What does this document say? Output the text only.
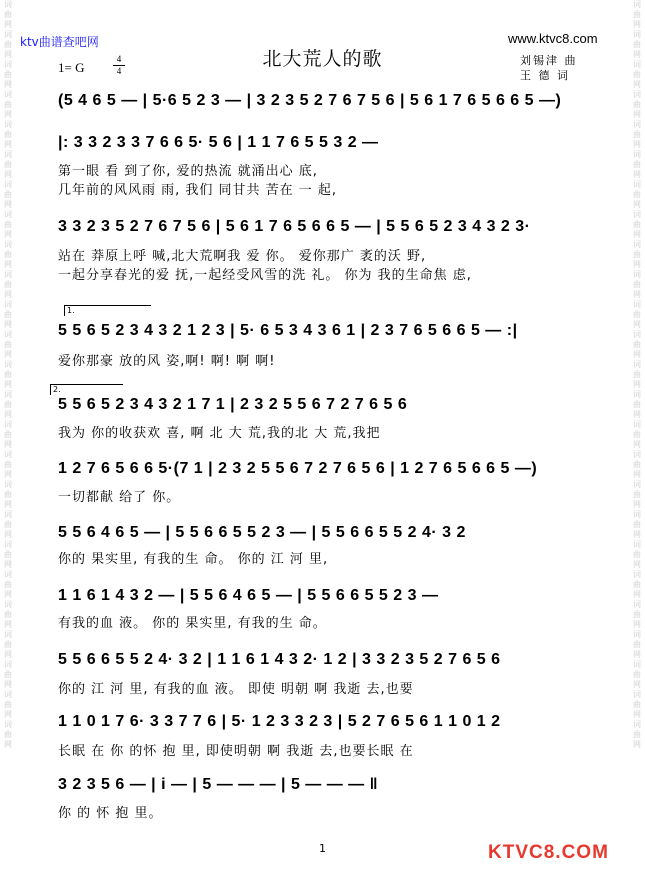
词曲网词曲网词曲网词曲网词曲网词曲网词曲网词曲网词曲网词曲网词曲网词曲网词曲网词曲网词曲网词曲网词曲网词曲网词曲网词曲网词曲网词曲网词曲网词曲网词曲网
词曲网词曲网词曲网词曲网词曲网词曲网词曲网词曲网词曲网词曲网词曲网词曲网词曲网词曲网词曲网词曲网词曲网词曲网词曲网词曲网词曲网词曲网词曲网词曲网词曲网
ktv曲谱查吧网	www.ktvc8.com
北大荒人的歌
1= G
4
4
刘锡津 曲
王 德 词
(5 4 6 5 — | 5·6 5 2 3 — | 3 2 3 5 2 7 6 7 5 6 | 5 6 1 7 6 5 6 6 5 —)
|: 3 3 2 3 3 7 6 6 5· 5 6 | 1 1 7 6 5 5 3 2 —
第一眼 看 到了你, 爱的热流 就涌出心 底,
几年前的风风雨 雨, 我们 同甘共 苦在 一 起,
3 3 2 3 5 2 7 6 7 5 6 | 5 6 1 7 6 5 6 6 5 — | 5 5 6 5 2 3 4 3 2 3·
站在 莽原上呼 喊,北大荒啊我 爱 你。 爱你那广 袤的沃 野,
一起分享春光的爱 抚,一起经受风雪的洗 礼。 你为 我的生命焦 虑,
1.
5 5 6 5 2 3 4 3 2 1 2 3 | 5· 6 5 3 4 3 6 1 | 2 3 7 6 5 6 6 5 — :|
爱你那豪 放的风 姿,啊! 啊! 啊 啊!
2.
5 5 6 5 2 3 4 3 2 1 7 1 | 2 3 2 5 5 6 7 2 7 6 5 6
我为 你的收获欢 喜, 啊 北 大 荒,我的北 大 荒,我把
1 2 7 6 5 6 6 5·(7 1 | 2 3 2 5 5 6 7 2 7 6 5 6 | 1 2 7 6 5 6 6 5 —)
一切都献 给了 你。
5 5 6 4 6 5 — | 5 5 6 6 5 5 2 3 — | 5 5 6 6 5 5 2 4· 3 2
你的 果实里, 有我的生 命。 你的 江 河 里,
1 1 6 1 4 3 2 — | 5 5 6 4 6 5 — | 5 5 6 6 5 5 2 3 —
有我的血 液。 你的 果实里, 有我的生 命。
5 5 6 6 5 5 2 4· 3 2 | 1 1 6 1 4 3 2· 1 2 | 3 3 2 3 5 2 7 6 5 6
你的 江 河 里, 有我的血 液。 即使 明朝 啊 我逝 去,也要
1 1 0 1 7 6· 3 3 7 7 6 | 5· 1 2 3 3 2 3 | 5 2 7 6 5 6 1 1 0 1 2
长眠 在 你 的怀 抱 里, 即使明朝 啊 我逝 去,也要长眠 在
3 2 3 5 6 — | i — | 5 — — — | 5 — — — ‖
你 的 怀 抱 里。
1	KTVC8.COM
